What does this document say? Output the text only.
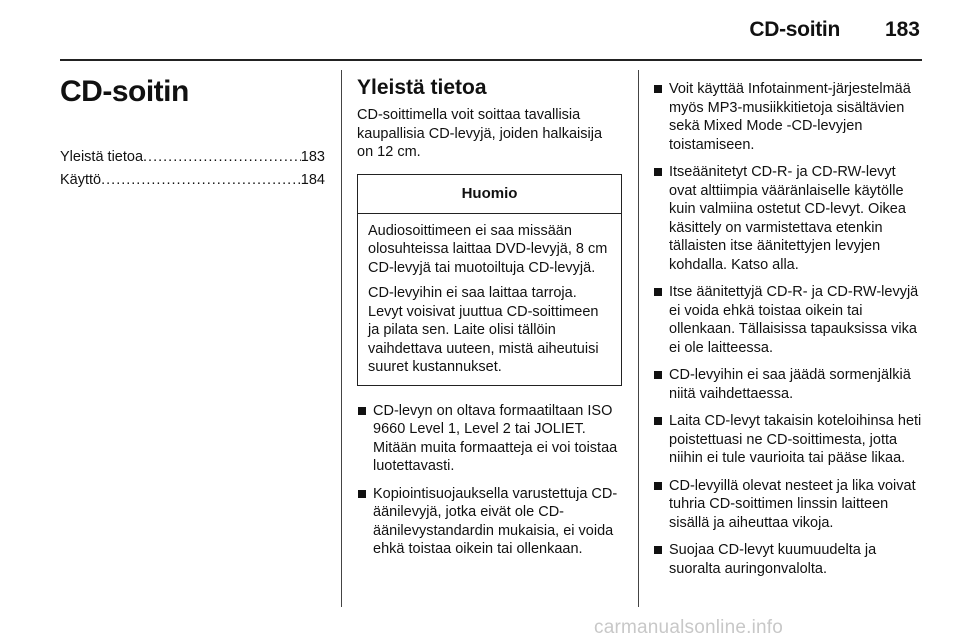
CD-soitin 183
CD-soitin
Yleistä tietoa .....	183
Käyttö .....	184
Yleistä tietoa

CD-soittimella voit soittaa tavallisia kaupallisia CD-levyjä, joiden halkaisija on 12 cm.

Huomio

Audiosoittimeen ei saa missään olosuhteissa laittaa DVD-levyjä, 8 cm CD-levyjä tai muotoiltuja CD-levyjä.

CD-levyihin ei saa laittaa tarroja. Levyt voisivat juuttua CD-soittimeen ja pilata sen. Laite olisi tällöin vaihdettava uuteen, mistä aiheutuisi suuret kustannukset.

CD-levyn on oltava formaatiltaan ISO 9660 Level 1, Level 2 tai JOLIET. Mitään muita formaatteja ei voi toistaa luotettavasti.
Kopiointisuojauksella varustettuja CD-äänilevyjä, jotka eivät ole CD-äänilevystandardin mukaisia, ei voida ehkä toistaa oikein tai ollenkaan.
Voit käyttää Infotainment-järjestelmää myös MP3-musiikkitietoja sisältävien sekä Mixed Mode -CD-levyjen toistamiseen.
Itseäänitetyt CD-R- ja CD-RW-levyt ovat alttiimpia vääränlaiselle käytölle kuin valmiina ostetut CD-levyt. Oikea käsittely on varmistettava etenkin tällaisten itse äänitettyjen levyjen kohdalla. Katso alla.
Itse äänitettyjä CD-R- ja CD-RW-levyjä ei voida ehkä toistaa oikein tai ollenkaan. Tällaisissa tapauksissa vika ei ole laitteessa.
CD-levyihin ei saa jäädä sormenjälkiä niitä vaihdettaessa.
Laita CD-levyt takaisin koteloihinsa heti poistettuasi ne CD-soittimesta, jotta niihin ei tule vaurioita tai pääse likaa.
CD-levyillä olevat nesteet ja lika voivat tuhria CD-soittimen linssin laitteen sisällä ja aiheuttaa vikoja.
Suojaa CD-levyt kuumuudelta ja suoralta auringonvalolta.
carmanualsonline.info
